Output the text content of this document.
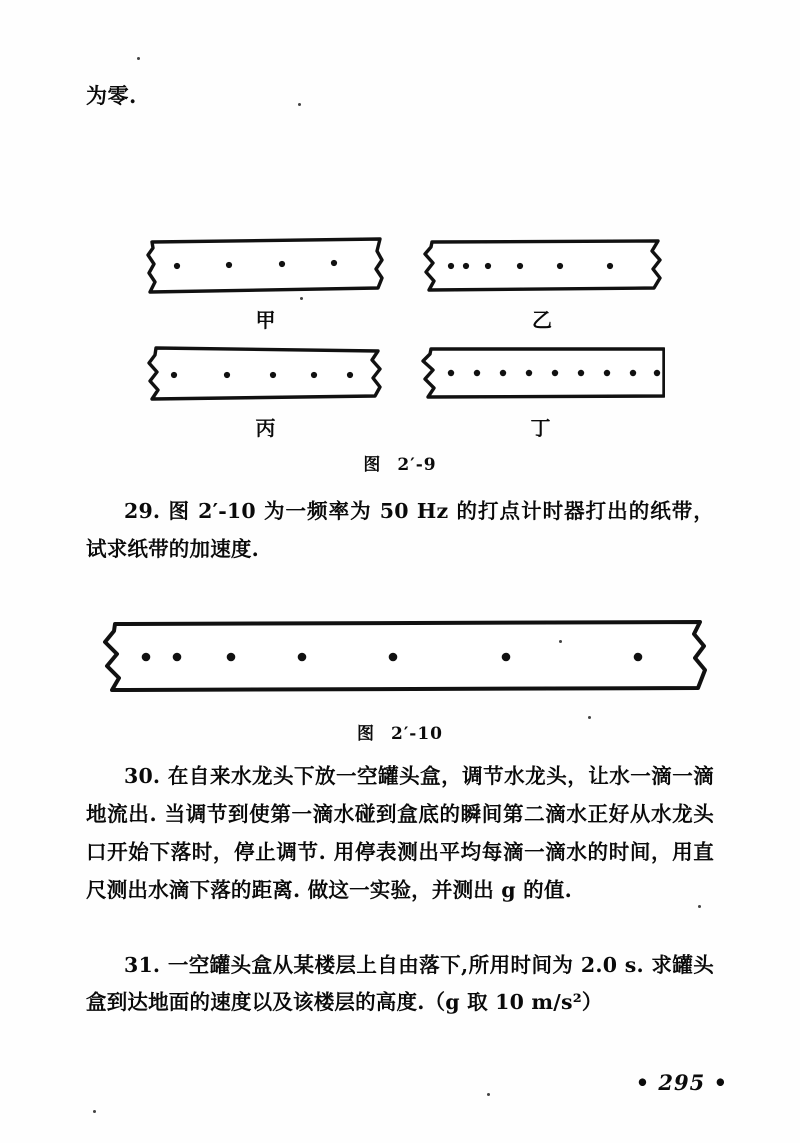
为零.
甲	乙
丙	丁
图 2′-9
29. 图 2′-10 为一频率为 50 Hz 的打点计时器打出的纸带，试求纸带的加速度.
图 2′-10
30. 在自来水龙头下放一空罐头盒，调节水龙头，让水一滴一滴地流出. 当调节到使第一滴水碰到盒底的瞬间第二滴水正好从水龙头口开始下落时，停止调节. 用停表测出平均每滴一滴水的时间，用直尺测出水滴下落的距离. 做这一实验，并测出 g 的值.
31. 一空罐头盒从某楼层上自由落下,所用时间为 2.0 s. 求罐头盒到达地面的速度以及该楼层的高度.（g 取 10 m/s²）
• 295 •
